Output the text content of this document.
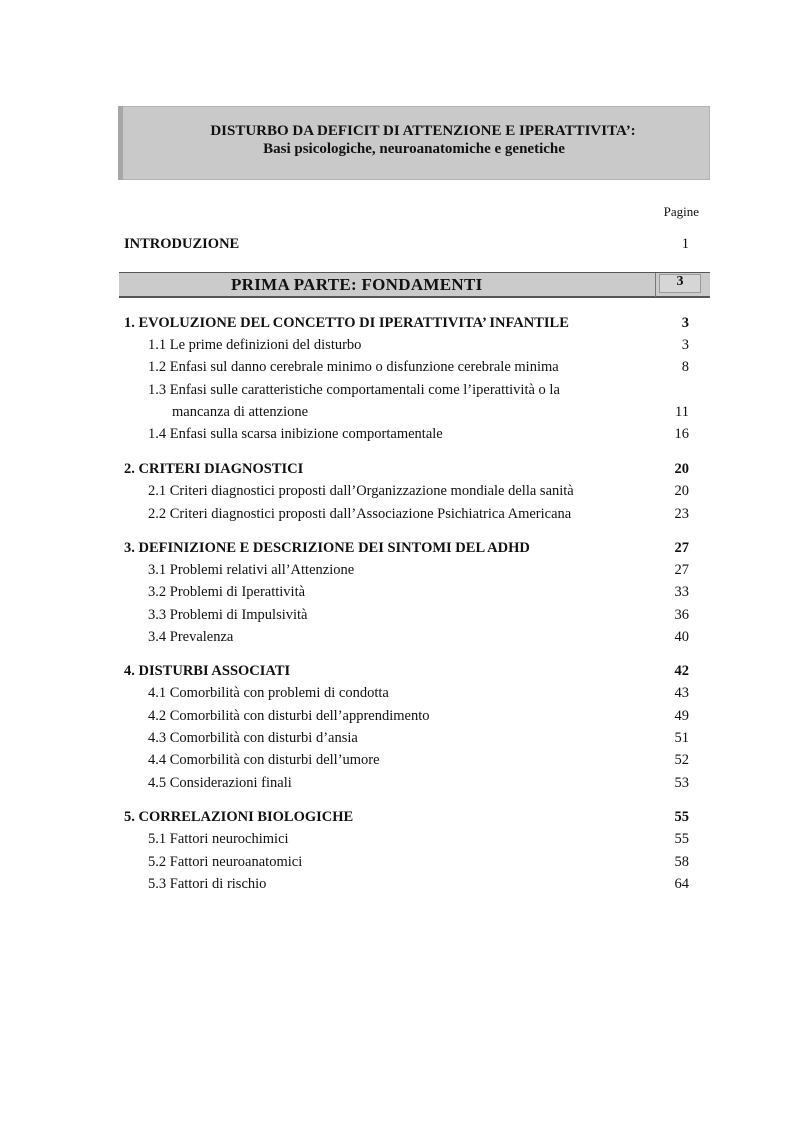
DISTURBO DA DEFICIT DI ATTENZIONE E IPERATTIVITA’:
Basi psicologiche, neuroanatomiche e genetiche
Pagine
INTRODUZIONE	1
PRIMA PARTE: FONDAMENTI	3
1. EVOLUZIONE DEL CONCETTO DI IPERATTIVITA’ INFANTILE	3
1.1 Le prime definizioni del disturbo	3
1.2 Enfasi sul danno cerebrale minimo o disfunzione cerebrale minima	8
1.3 Enfasi sulle caratteristiche comportamentali come l’iperattività o la
mancanza di attenzione	11
1.4 Enfasi sulla scarsa inibizione comportamentale	16
2. CRITERI DIAGNOSTICI	20
2.1 Criteri diagnostici proposti dall’Organizzazione mondiale della sanità	20
2.2 Criteri diagnostici proposti dall’Associazione Psichiatrica Americana	23
3. DEFINIZIONE E DESCRIZIONE DEI SINTOMI DEL ADHD	27
3.1 Problemi relativi all’Attenzione	27
3.2 Problemi di Iperattività	33
3.3 Problemi di Impulsività	36
3.4 Prevalenza	40
4. DISTURBI ASSOCIATI	42
4.1 Comorbilità con problemi di condotta	43
4.2 Comorbilità con disturbi dell’apprendimento	49
4.3 Comorbilità con disturbi d’ansia	51
4.4 Comorbilità con disturbi dell’umore	52
4.5 Considerazioni finali	53
5. CORRELAZIONI BIOLOGICHE	55
5.1 Fattori neurochimici	55
5.2 Fattori neuroanatomici	58
5.3 Fattori di rischio	64
